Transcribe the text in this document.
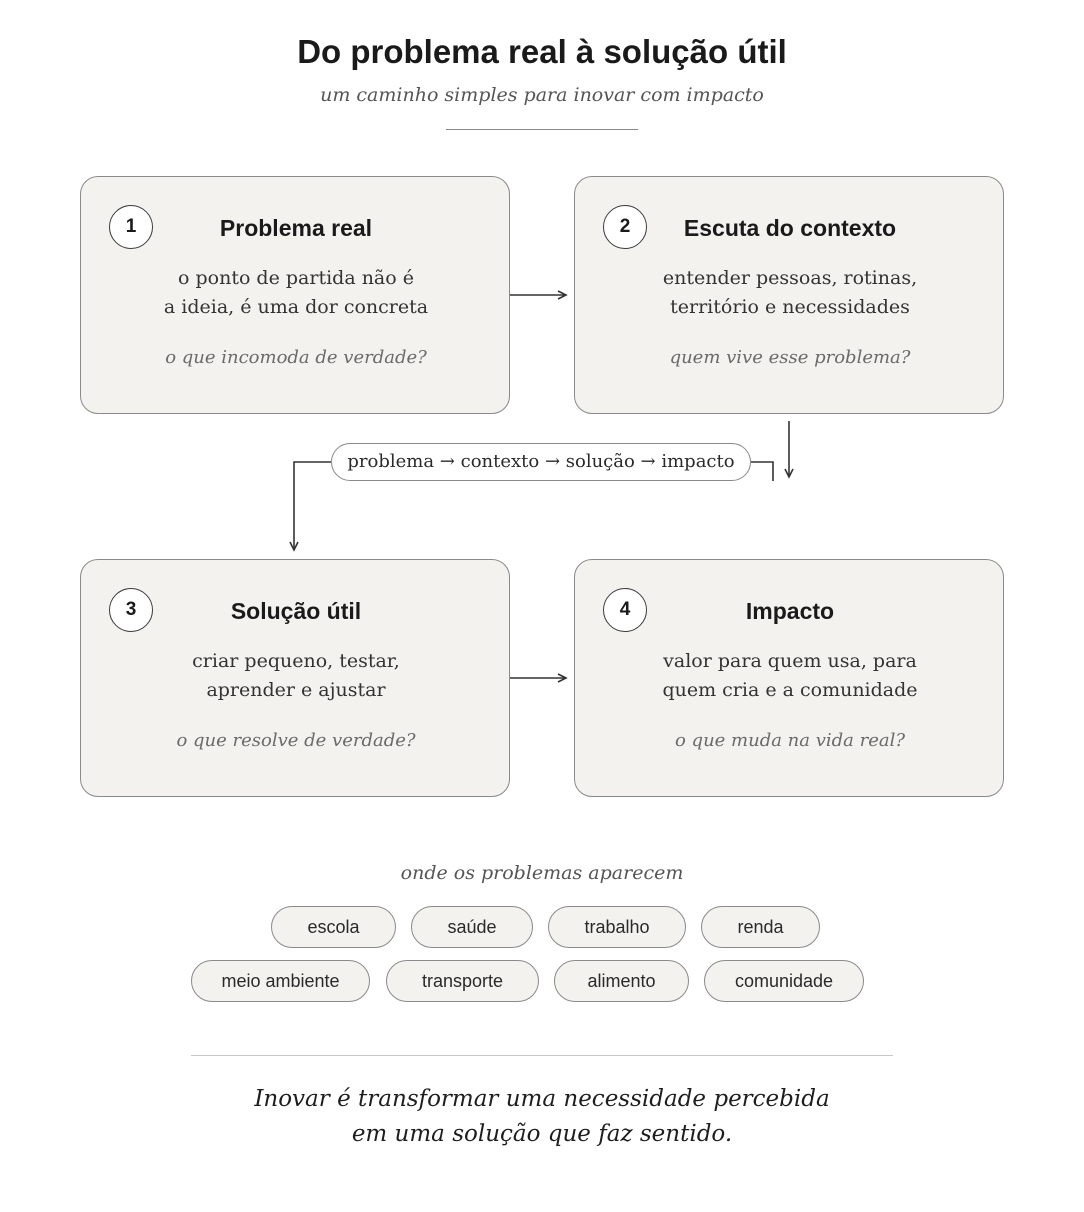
Do problema real à solução útil
um caminho simples para inovar com impacto
1	Problema real
o ponto de partida não é
a ideia, é uma dor concreta
o que incomoda de verdade?
2	Escuta do contexto
entender pessoas, rotinas,
território e necessidades
quem vive esse problema?
problema → contexto → solução → impacto
3	Solução útil
criar pequeno, testar,
aprender e ajustar
o que resolve de verdade?
4	Impacto
valor para quem usa, para
quem cria e a comunidade
o que muda na vida real?
onde os problemas aparecem
escola	saúde	trabalho	renda
meio ambiente	transporte	alimento	comunidade
Inovar é transformar uma necessidade percebida
em uma solução que faz sentido.
